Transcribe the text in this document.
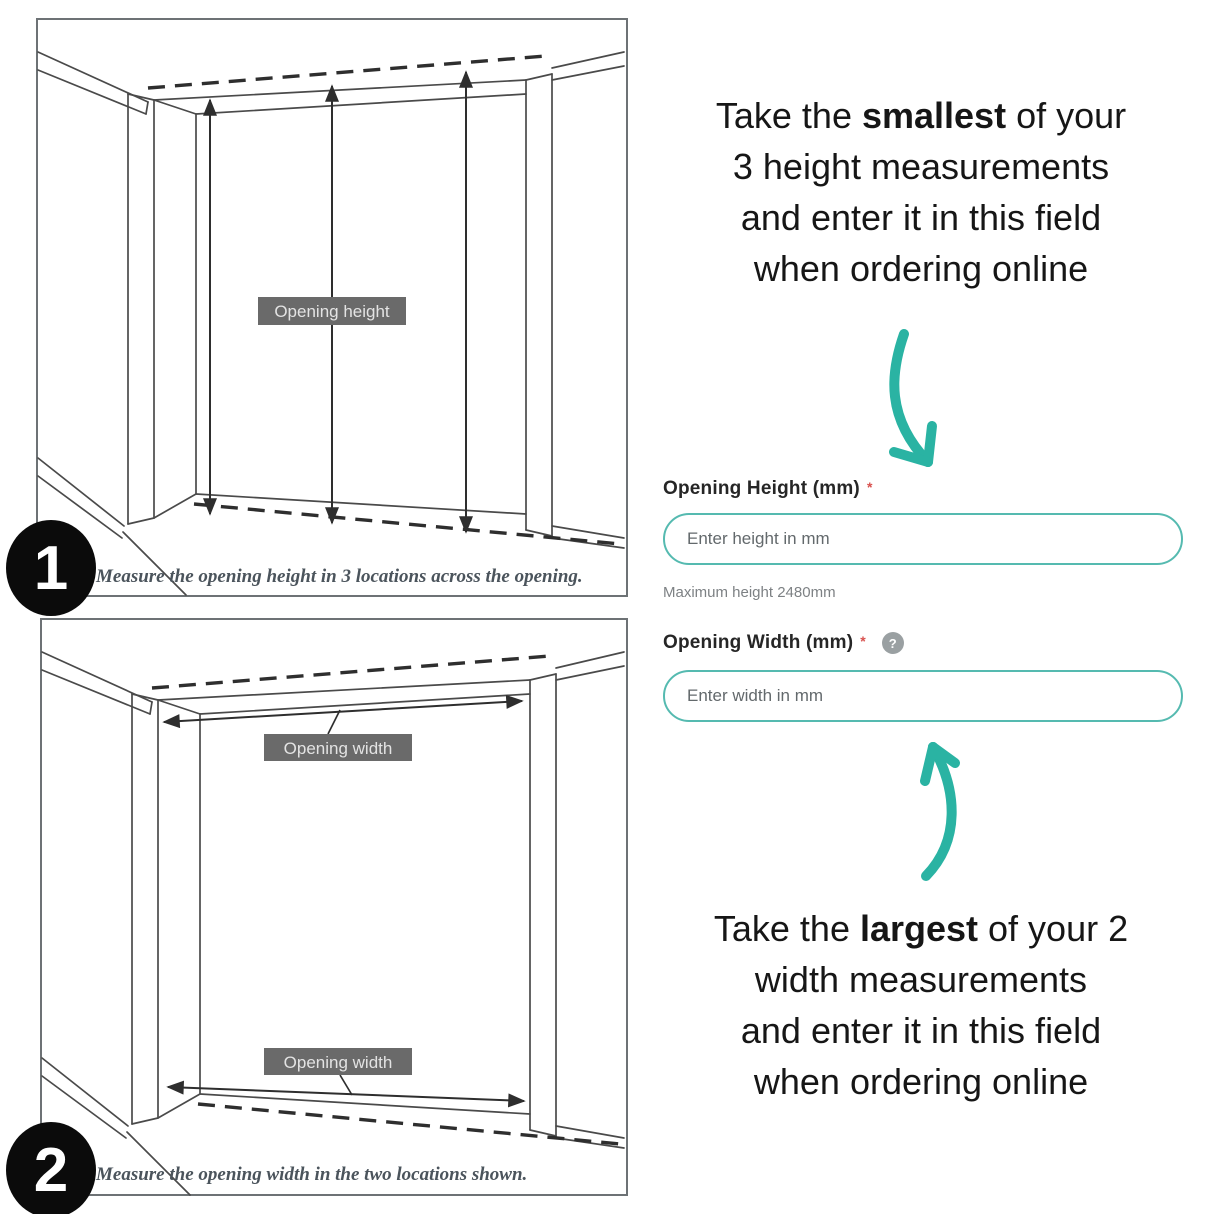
Opening height
1 Measure the opening height in 3 locations across the opening.
Opening width
Opening width
2 Measure the opening width in the two locations shown.
Take the smallest of your
3 height measurements
and enter it in this field
when ordering online
Opening Height (mm) *
Enter height in mm
Maximum height 2480mm
Opening Width (mm) *	?
Enter width in mm
Take the largest of your 2
width measurements
and enter it in this field
when ordering online
